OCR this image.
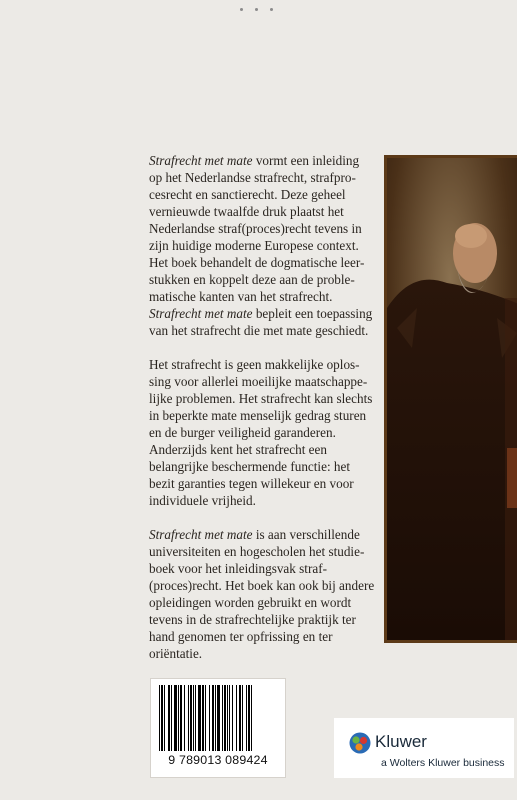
Strafrecht met mate vormt een inleiding
op het Nederlandse strafrecht, strafpro-
cesrecht en sanctierecht. Deze geheel
vernieuwde twaalfde druk plaatst het
Nederlandse straf(proces)recht tevens in
zijn huidige moderne Europese context.
Het boek behandelt de dogmatische leer-
stukken en koppelt deze aan de proble-
matische kanten van het strafrecht.
Strafrecht met mate bepleit een toepassing
van het strafrecht die met mate geschiedt.

Het strafrecht is geen makkelijke oplos-
sing voor allerlei moeilijke maatschappe-
lijke problemen. Het strafrecht kan slechts
in beperkte mate menselijk gedrag sturen
en de burger veiligheid garanderen.
Anderzijds kent het strafrecht een
belangrijke beschermende functie: het
bezit garanties tegen willekeur en voor
individuele vrijheid.

Strafrecht met mate is aan verschillende
universiteiten en hogescholen het studie-
boek voor het inleidingsvak straf-
(proces)recht. Het boek kan ook bij andere
opleidingen worden gebruikt en wordt
tevens in de strafrechtelijke praktijk ter
hand genomen ter opfrissing en ter
oriëntatie.

9 789013 089424
Kluwer
a Wolters Kluwer business
